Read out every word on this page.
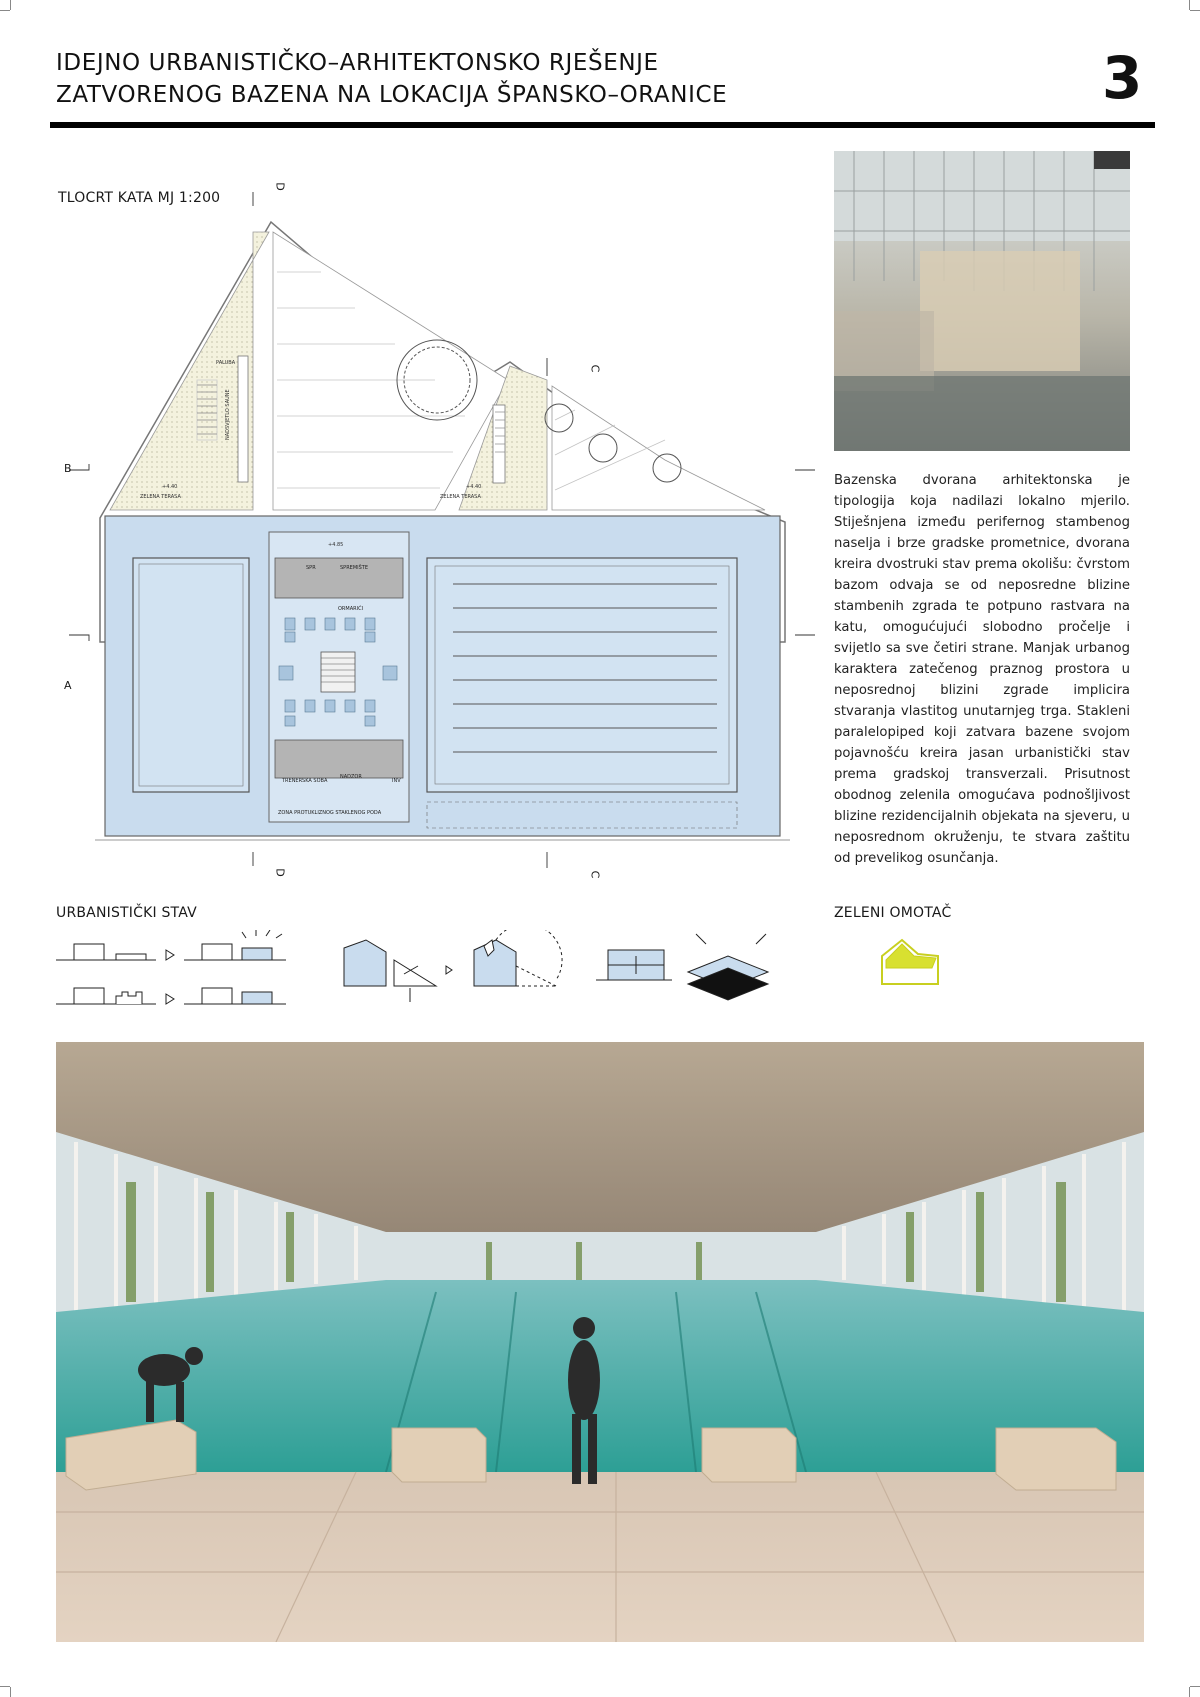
IDEJNO URBANISTIČKO–ARHITEKTONSKO RJEŠENJE
ZATVORENOG BAZENA NA LOKACIJA ŠPANSKO–ORANICE	3
TLOCRT KATA MJ 1:200
B
A
D
D
C
C
PALUBA
NADSVJETLO SAUNE
+4.40
ZELENA TERASA
+4.40
ZELENA TERASA
+4.85
SPR	SPREMIŠTE
ORMARIĆI
TRENERSKA SOBA
NADZOR
INV
ZONA PROTUKLIZNOG STAKLENOG PODA
Bazenska dvorana arhitektonska je tipologija koja nadilazi lokalno mjerilo. Stiješnjena između perifernog stambenog naselja i brze gradske prometnice, dvorana kreira dvostruki stav prema okolišu: čvrstom bazom odvaja se od neposredne blizine stambenih zgrada te potpuno rastvara na katu, omogućujući slobodno pročelje i svijetlo sa sve četiri strane. Manjak urbanog karaktera zatečenog praznog prostora u neposrednoj blizini zgrade implicira stvaranja vlastitog unutarnjeg trga. Stakleni paralelopiped koji zatvara bazene svojom pojavnošću kreira jasan urbanistički stav prema gradskoj transverzali. Prisutnost obodnog zelenila omogućava podnošljivost blizine rezidencijalnih objekata na sjeveru, u neposrednom okruženju, te stvara zaštitu od prevelikog osunčanja.
URBANISTIČKI STAV	ZELENI OMOTAČ
